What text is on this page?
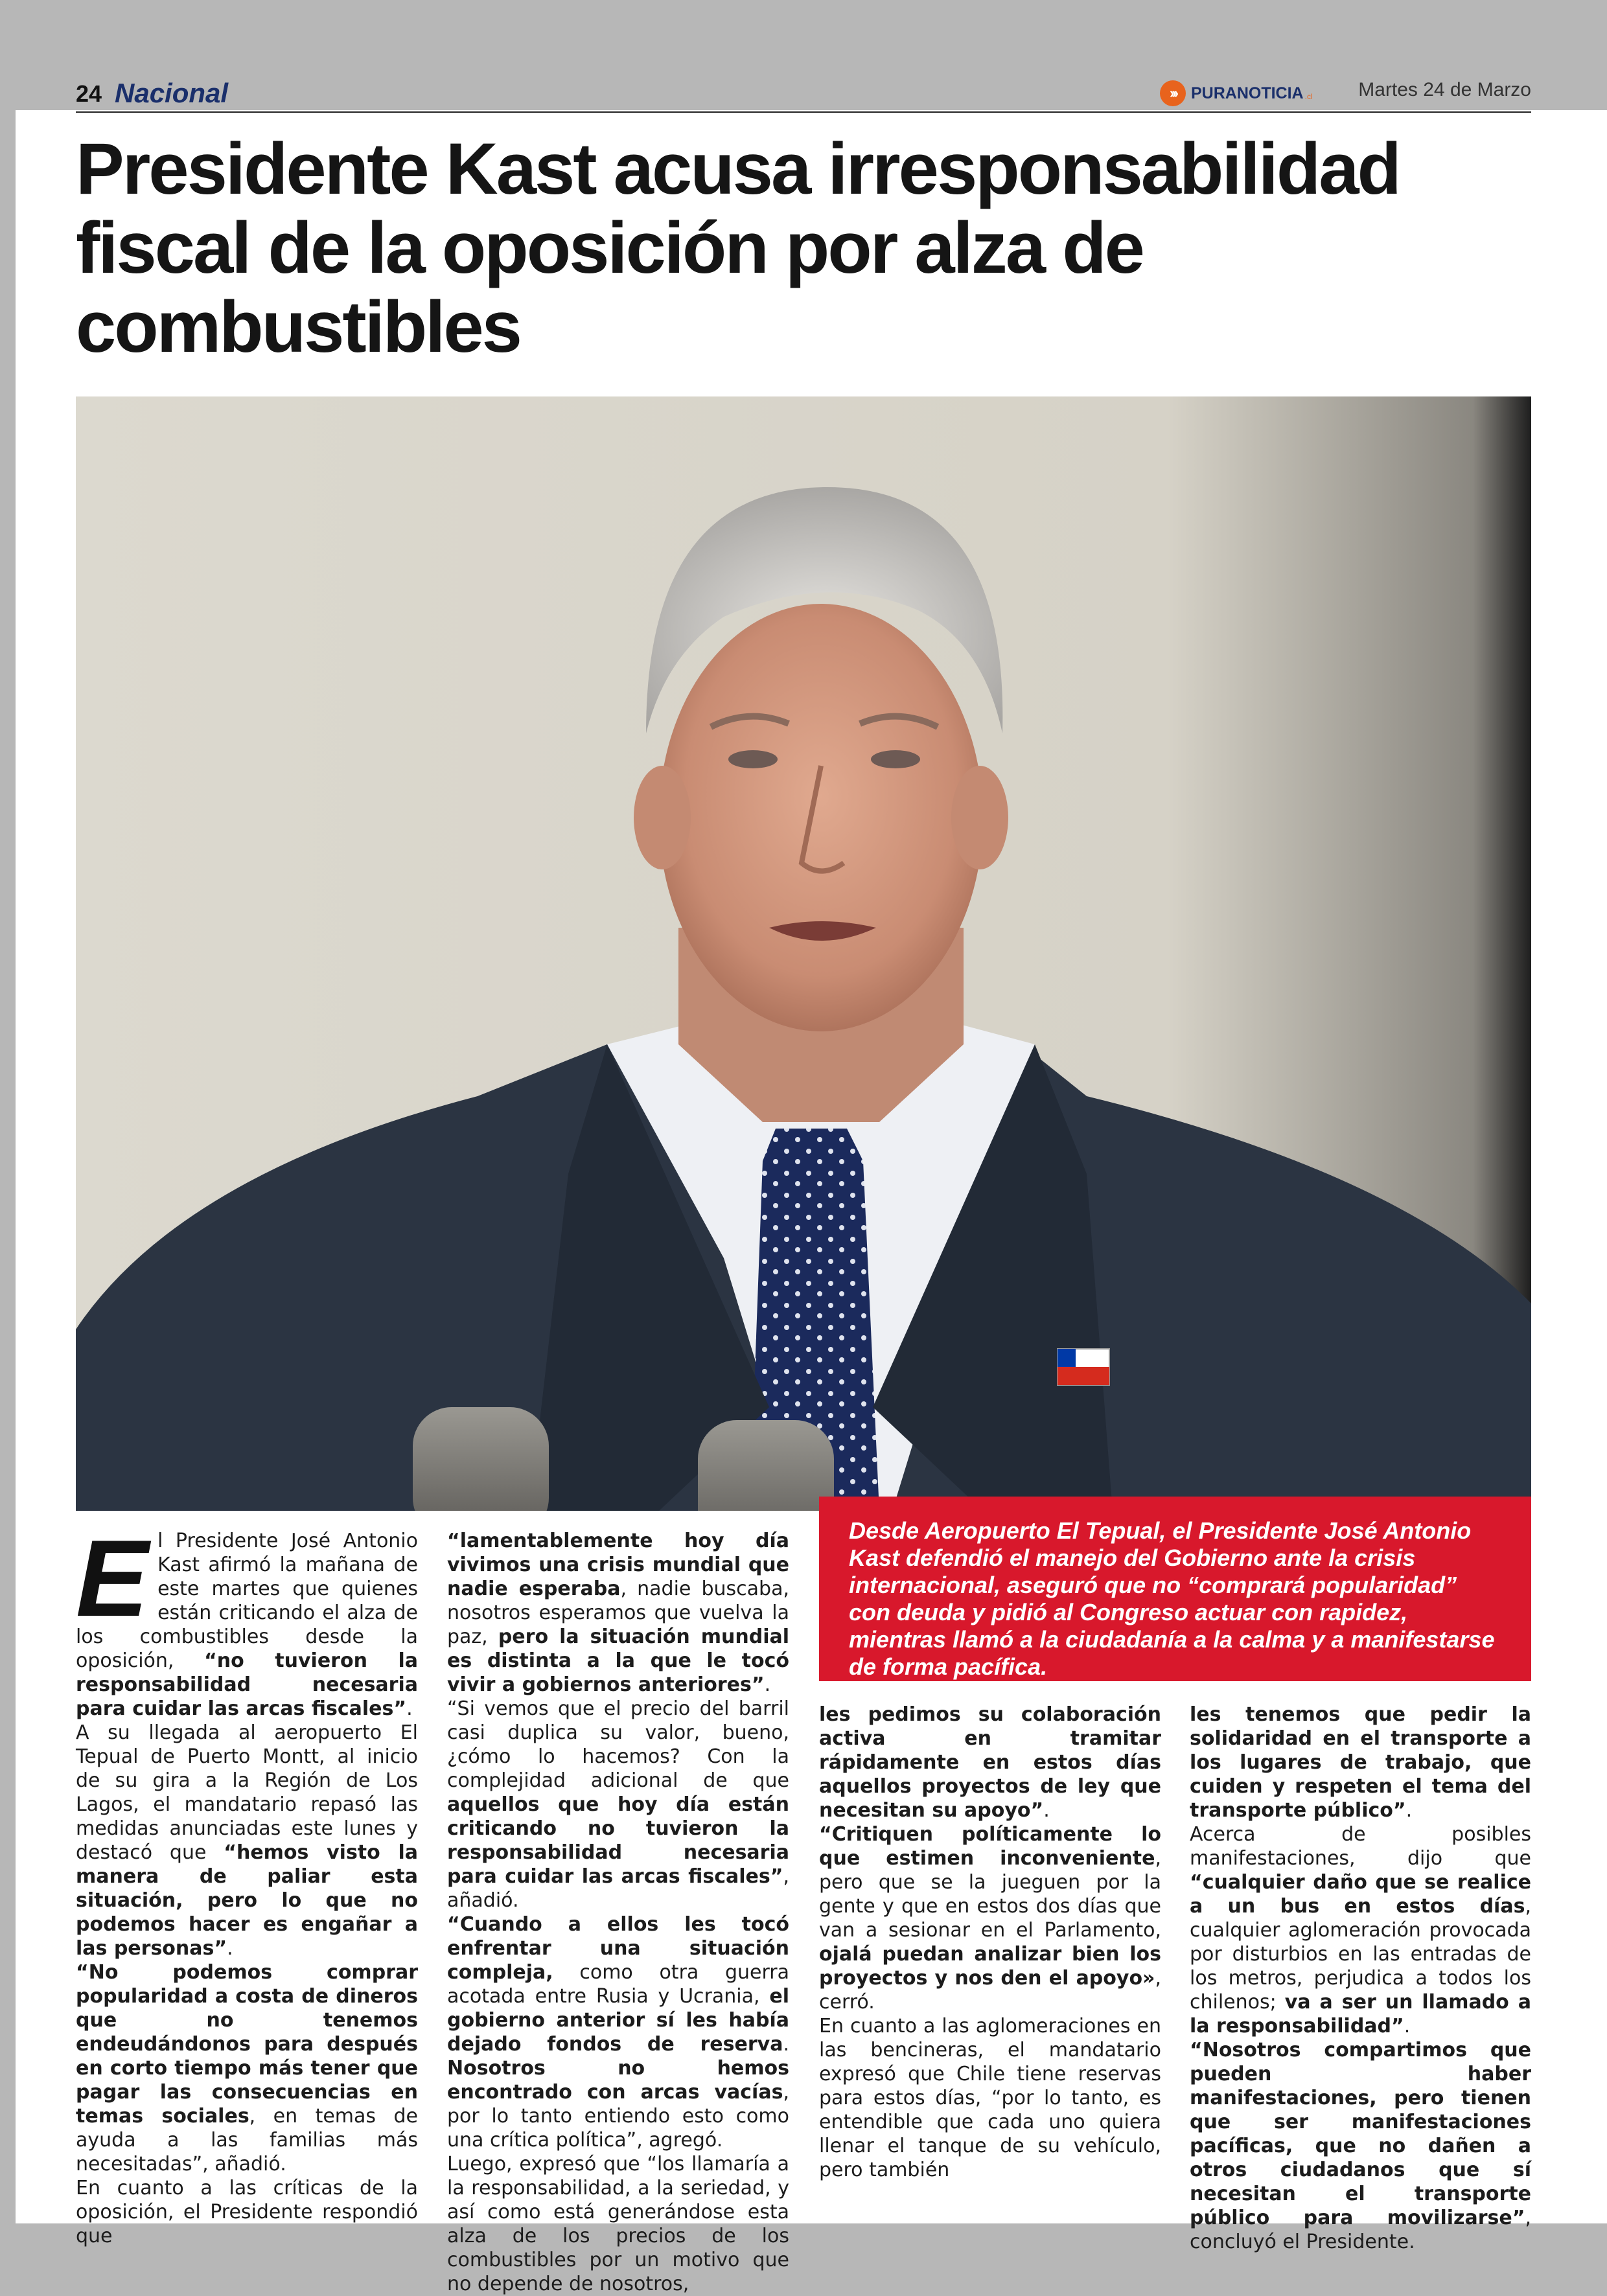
24 Nacional	››› PURANOTICIA .cl Martes 24 de Marzo
Presidente Kast acusa irresponsabilidad fiscal de la oposición por alza de combustibles
Desde Aeropuerto El Tepual, el Presidente José Antonio Kast defendió el manejo del Gobierno ante la crisis internacional, aseguró que no “comprará popularidad” con deuda y pidió al Congreso actuar con rapidez, mientras llamó a la ciudadanía a la calma y a manifestarse de forma pacífica.

El Presidente José Antonio Kast afirmó la mañana de este martes que quienes están criticando el alza de los combustibles desde la oposición, “no tuvieron la responsabilidad necesaria para cuidar las arcas fiscales”.

A su llegada al aeropuerto El Tepual de Puerto Montt, al inicio de su gira a la Región de Los Lagos, el mandatario repasó las medidas anunciadas este lunes y destacó que “hemos visto la manera de paliar esta situación, pero lo que no podemos hacer es engañar a las personas”.

“No podemos comprar popularidad a costa de dineros que no tenemos endeudándonos para después en corto tiempo más tener que pagar las consecuencias en temas sociales, en temas de ayuda a las familias más necesitadas”, añadió.

En cuanto a las críticas de la oposición, el Presidente respondió que

“lamentablemente hoy día vivimos una crisis mundial que nadie esperaba, nadie buscaba, nosotros esperamos que vuelva la paz, pero la situación mundial es distinta a la que le tocó vivir a gobiernos anteriores”.

“Si vemos que el precio del barril casi duplica su valor, bueno, ¿cómo lo hacemos? Con la complejidad adicional de que aquellos que hoy día están criticando no tuvieron la responsabilidad necesaria para cuidar las arcas fiscales”, añadió.

“Cuando a ellos les tocó enfrentar una situación compleja, como otra guerra acotada entre Rusia y Ucrania, el gobierno anterior sí les había dejado fondos de reserva. Nosotros no hemos encontrado con arcas vacías, por lo tanto entiendo esto como una crítica política”, agregó.

Luego, expresó que “los llamaría a la responsabilidad, a la seriedad, y así como está generándose esta alza de los precios de los combustibles por un motivo que no depende de nosotros,

les pedimos su colaboración activa en tramitar rápidamente en estos días aquellos proyectos de ley que necesitan su apoyo”.

“Critiquen políticamente lo que estimen inconveniente, pero que se la jueguen por la gente y que en estos dos días que van a sesionar en el Parlamento, ojalá puedan analizar bien los proyectos y nos den el apoyo», cerró.

En cuanto a las aglomeraciones en las bencineras, el mandatario expresó que Chile tiene reservas para estos días, “por lo tanto, es entendible que cada uno quiera llenar el tanque de su vehículo, pero también

les tenemos que pedir la solidaridad en el transporte a los lugares de trabajo, que cuiden y respeten el tema del transporte público”.

Acerca de posibles manifestaciones, dijo que “cualquier daño que se realice a un bus en estos días, cualquier aglomeración provocada por disturbios en las entradas de los metros, perjudica a todos los chilenos; va a ser un llamado a la responsabilidad”.

“Nosotros compartimos que pueden haber manifestaciones, pero tienen que ser manifestaciones pacíficas, que no dañen a otros ciudadanos que sí necesitan el transporte público para movilizarse”, concluyó el Presidente.
